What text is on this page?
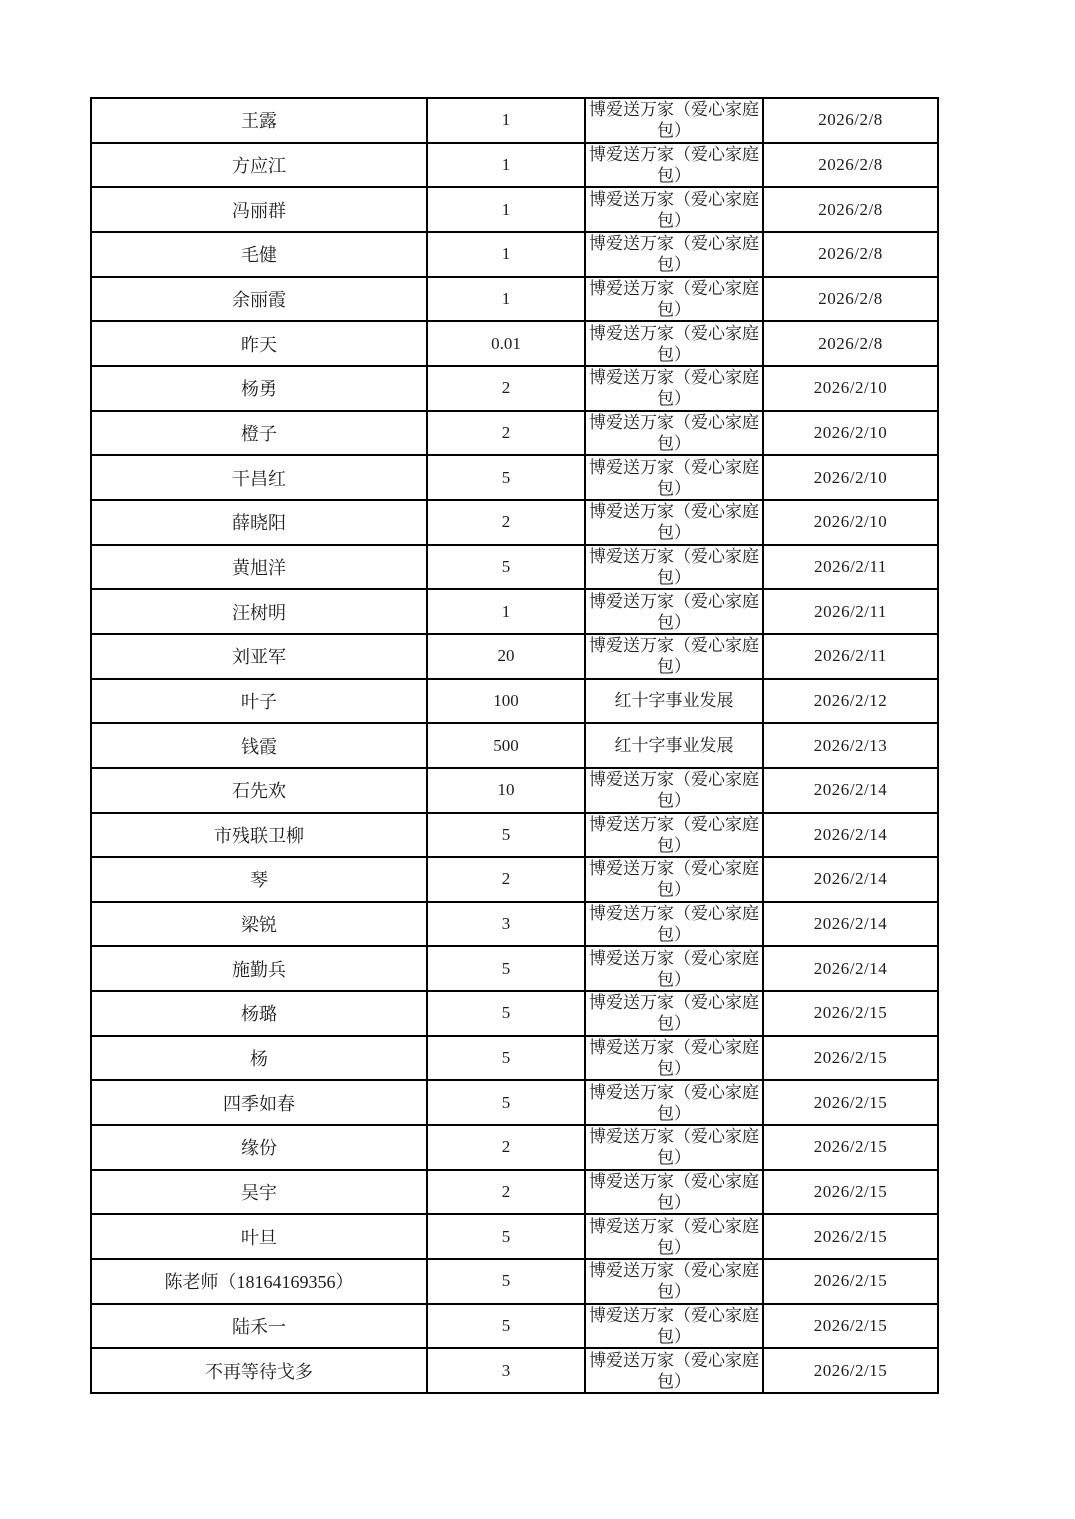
王露	1	博爱送万家（爱心家庭包）	2026/2/8
方应江	1	博爱送万家（爱心家庭包）	2026/2/8
冯丽群	1	博爱送万家（爱心家庭包）	2026/2/8
毛健	1	博爱送万家（爱心家庭包）	2026/2/8
余丽霞	1	博爱送万家（爱心家庭包）	2026/2/8
昨天	0.01	博爱送万家（爱心家庭包）	2026/2/8
杨勇	2	博爱送万家（爱心家庭包）	2026/2/10
橙子	2	博爱送万家（爱心家庭包）	2026/2/10
干昌红	5	博爱送万家（爱心家庭包）	2026/2/10
薛晓阳	2	博爱送万家（爱心家庭包）	2026/2/10
黄旭洋	5	博爱送万家（爱心家庭包）	2026/2/11
汪树明	1	博爱送万家（爱心家庭包）	2026/2/11
刘亚军	20	博爱送万家（爱心家庭包）	2026/2/11
叶子	100	红十字事业发展	2026/2/12
钱霞	500	红十字事业发展	2026/2/13
石先欢	10	博爱送万家（爱心家庭包）	2026/2/14
市残联卫柳	5	博爱送万家（爱心家庭包）	2026/2/14
琴	2	博爱送万家（爱心家庭包）	2026/2/14
梁锐	3	博爱送万家（爱心家庭包）	2026/2/14
施勤兵	5	博爱送万家（爱心家庭包）	2026/2/14
杨璐	5	博爱送万家（爱心家庭包）	2026/2/15
杨	5	博爱送万家（爱心家庭包）	2026/2/15
四季如春	5	博爱送万家（爱心家庭包）	2026/2/15
缘份	2	博爱送万家（爱心家庭包）	2026/2/15
吴宇	2	博爱送万家（爱心家庭包）	2026/2/15
叶旦	5	博爱送万家（爱心家庭包）	2026/2/15
陈老师（18164169356）	5	博爱送万家（爱心家庭包）	2026/2/15
陆禾一	5	博爱送万家（爱心家庭包）	2026/2/15
不再等待戈多	3	博爱送万家（爱心家庭包）	2026/2/15
